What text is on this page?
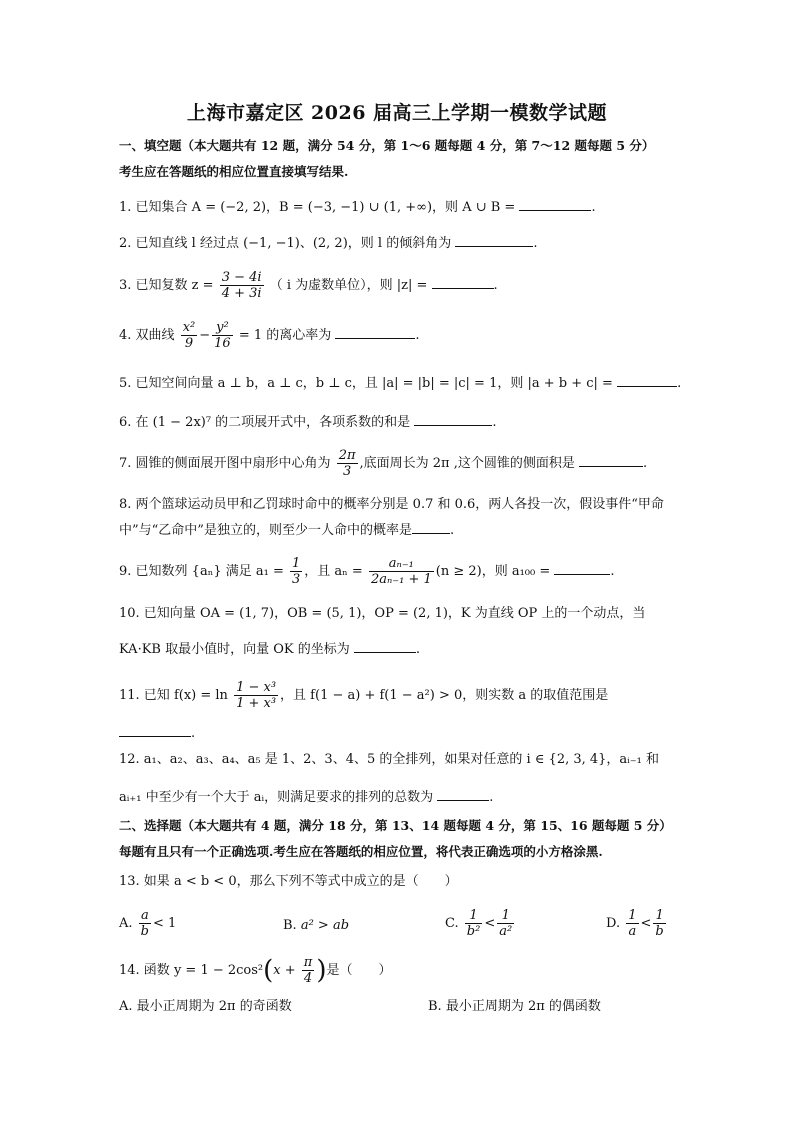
上海市嘉定区 2026 届高三上学期一模数学试题
一、填空题（本大题共有 12 题，满分 54 分，第 1～6 题每题 4 分，第 7～12 题每题 5 分）
考生应在答题纸的相应位置直接填写结果.
1. 已知集合 A = (−2, 2)，B = (−3, −1) ∪ (1, +∞)，则 A ∪ B =	.
2. 已知直线 l 经过点 (−1, −1)、(2, 2)，则 l 的倾斜角为	.
3. 已知复数 $z = \frac{3 - 4i}{4 + 3i}$ （ i 为虚数单位），则 |z| =	.
4. 双曲线 $\frac{\text{x²}}{9} - \frac{\text{y²}}{16} = 1$ 的离心率为	.
5. 已知空间向量 a ⊥ b，a ⊥ c，b ⊥ c，且 |a| = |b| = |c| = 1，则 |a + b + c| =	.
6. 在 (1 − 2x)⁷ 的二项展开式中，各项系数的和是	.
7. 圆锥的侧面展开图中扇形中心角为 $\frac{2\pi}{3}$ ,底面周长为 2π ,这个圆锥的侧面积是	.
8. 两个篮球运动员甲和乙罚球时命中的概率分别是 0.7 和 0.6，两人各投一次，假设事件“甲命中”与“乙命中”是独立的，则至少一人命中的概率是	.
9. 已知数列 {aₙ} 满足 $a_1 = \frac{1}{3}$ ，且 $a_n = \frac{\text{aₙ₋₁}}{\text{2aₙ₋₁ + 1}} (n \ge 2)$，则 a₁₀₀ =	.
10. 已知向量 OA = (1, 7)，OB = (5, 1)，OP = (2, 1)，K 为直线 OP 上的一个动点，当
KA·KB 取最小值时，向量 OK 的坐标为	.
11. 已知 $f(x) = \ln \frac{\text{1 − x³}}{\text{1 + x³}}$ ，且 f(1 − a) + f(1 − a²) > 0，则实数 a 的取值范围是
.
12. a₁、a₂、a₃、a₄、a₅ 是 1、2、3、4、5 的全排列，如果对任意的 i ∈ {2, 3, 4}，aᵢ₋₁ 和
aᵢ₊₁ 中至少有一个大于 aᵢ，则满足要求的排列的总数为	.
二、选择题（本大题共有 4 题，满分 18 分，第 13、14 题每题 4 分，第 15、16 题每题 5 分）
每题有且只有一个正确选项.考生应在答题纸的相应位置，将代表正确选项的小方格涂黑.
13. 如果 a < b < 0，那么下列不等式中成立的是（　　）
A. $\frac{a}{b} < 1$	B. a² > ab	C. $\frac{1}{\text{b²}} < \frac{1}{\text{a²}}$	D. $\frac{1}{a} < \frac{1}{b}$
14. 函数 $y = 1 - 2\cos^2(x + \frac{\pi}{4}$ )是（　　）
A. 最小正周期为 2π 的奇函数	B. 最小正周期为 2π 的偶函数
